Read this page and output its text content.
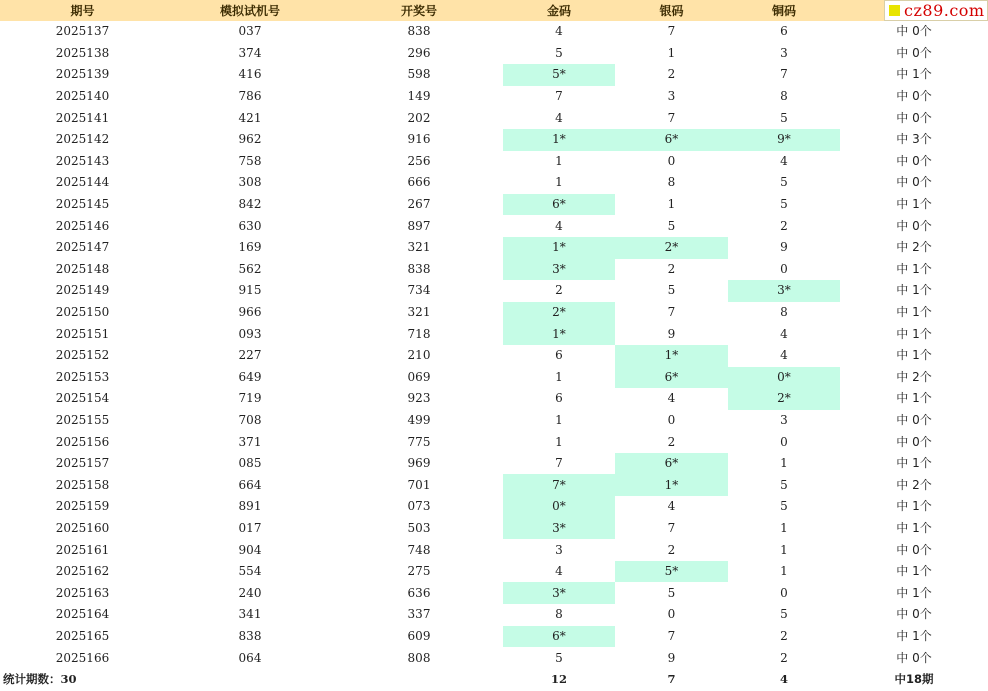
期号	模拟试机号	开奖号	金码	银码	铜码	
2025137	037	838	4	7	6	中 0个
2025138	374	296	5	1	3	中 0个
2025139	416	598	5*	2	7	中 1个
2025140	786	149	7	3	8	中 0个
2025141	421	202	4	7	5	中 0个
2025142	962	916	1*	6*	9*	中 3个
2025143	758	256	1	0	4	中 0个
2025144	308	666	1	8	5	中 0个
2025145	842	267	6*	1	5	中 1个
2025146	630	897	4	5	2	中 0个
2025147	169	321	1*	2*	9	中 2个
2025148	562	838	3*	2	0	中 1个
2025149	915	734	2	5	3*	中 1个
2025150	966	321	2*	7	8	中 1个
2025151	093	718	1*	9	4	中 1个
2025152	227	210	6	1*	4	中 1个
2025153	649	069	1	6*	0*	中 2个
2025154	719	923	6	4	2*	中 1个
2025155	708	499	1	0	3	中 0个
2025156	371	775	1	2	0	中 0个
2025157	085	969	7	6*	1	中 1个
2025158	664	701	7*	1*	5	中 2个
2025159	891	073	0*	4	5	中 1个
2025160	017	503	3*	7	1	中 1个
2025161	904	748	3	2	1	中 0个
2025162	554	275	4	5*	1	中 1个
2025163	240	636	3*	5	0	中 1个
2025164	341	337	8	0	5	中 0个
2025165	838	609	6*	7	2	中 1个
2025166	064	808	5	9	2	中 0个
统计期数：30			12	7	4	中18期
cz89.com
